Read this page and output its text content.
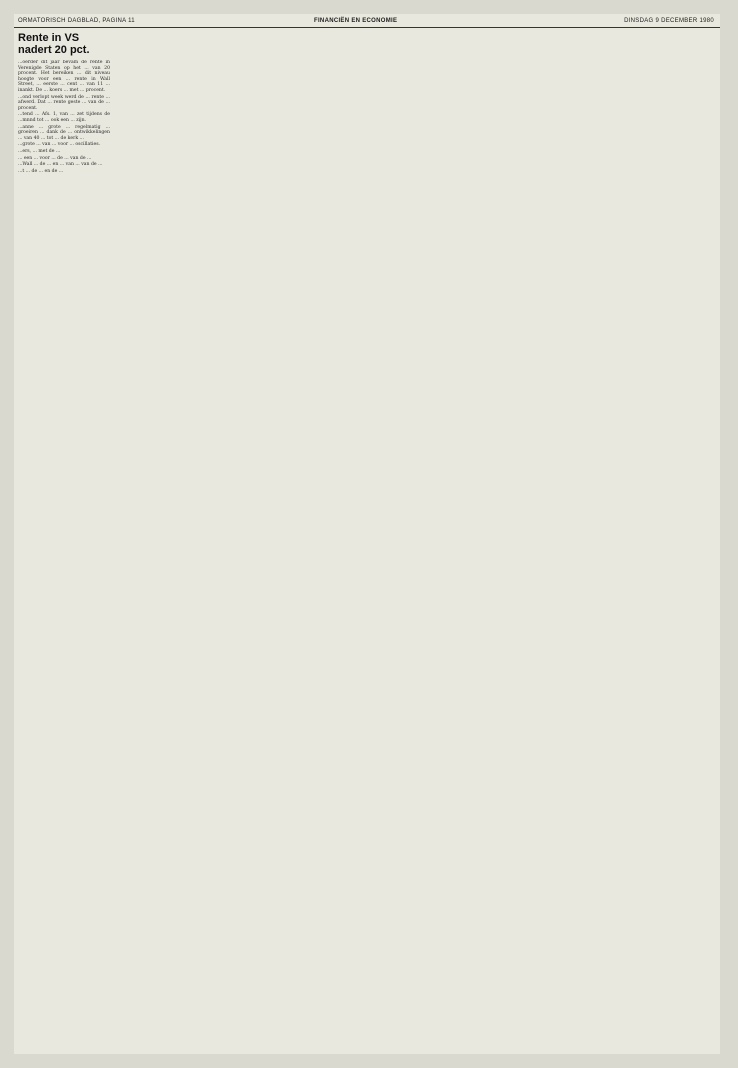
ORMATORISCH DAGBLAD, PAGINA 11	FINANCIËN EN ECONOMIE	DINSDAG 9 DECEMBER 1980
Rente in VS nadert 20 pct.

...oerder dit jaar bevam de rente in Verenigde Staten op het ... van 20 procent. Het bereiken ... dit niveau hoogte voor een ... rente in Wall Street, ... eerste ... cent ... van 11 ... inankt. De ... koers ... met ... procent.

...ond verlopt week werd de ... rente ... afwerd. Dat ... rente geste ... van de ... procent.

...tend ... Afs. 1, van ... zet tijdens de ...mnnd tot ... ook een ... zijn.

...anne ... grote ... regelmatig ... groeiren ... dank de ... ontwikkelingen ... van 40 ... tot ... de kerk ...

...grote ... van ... voor ... oscillaties.

...ers, ... met de ...

... een ... voor ... de ... van de ...

...Wall ... de ... en ... van ... van de ...

...t ... de ... en de ...
